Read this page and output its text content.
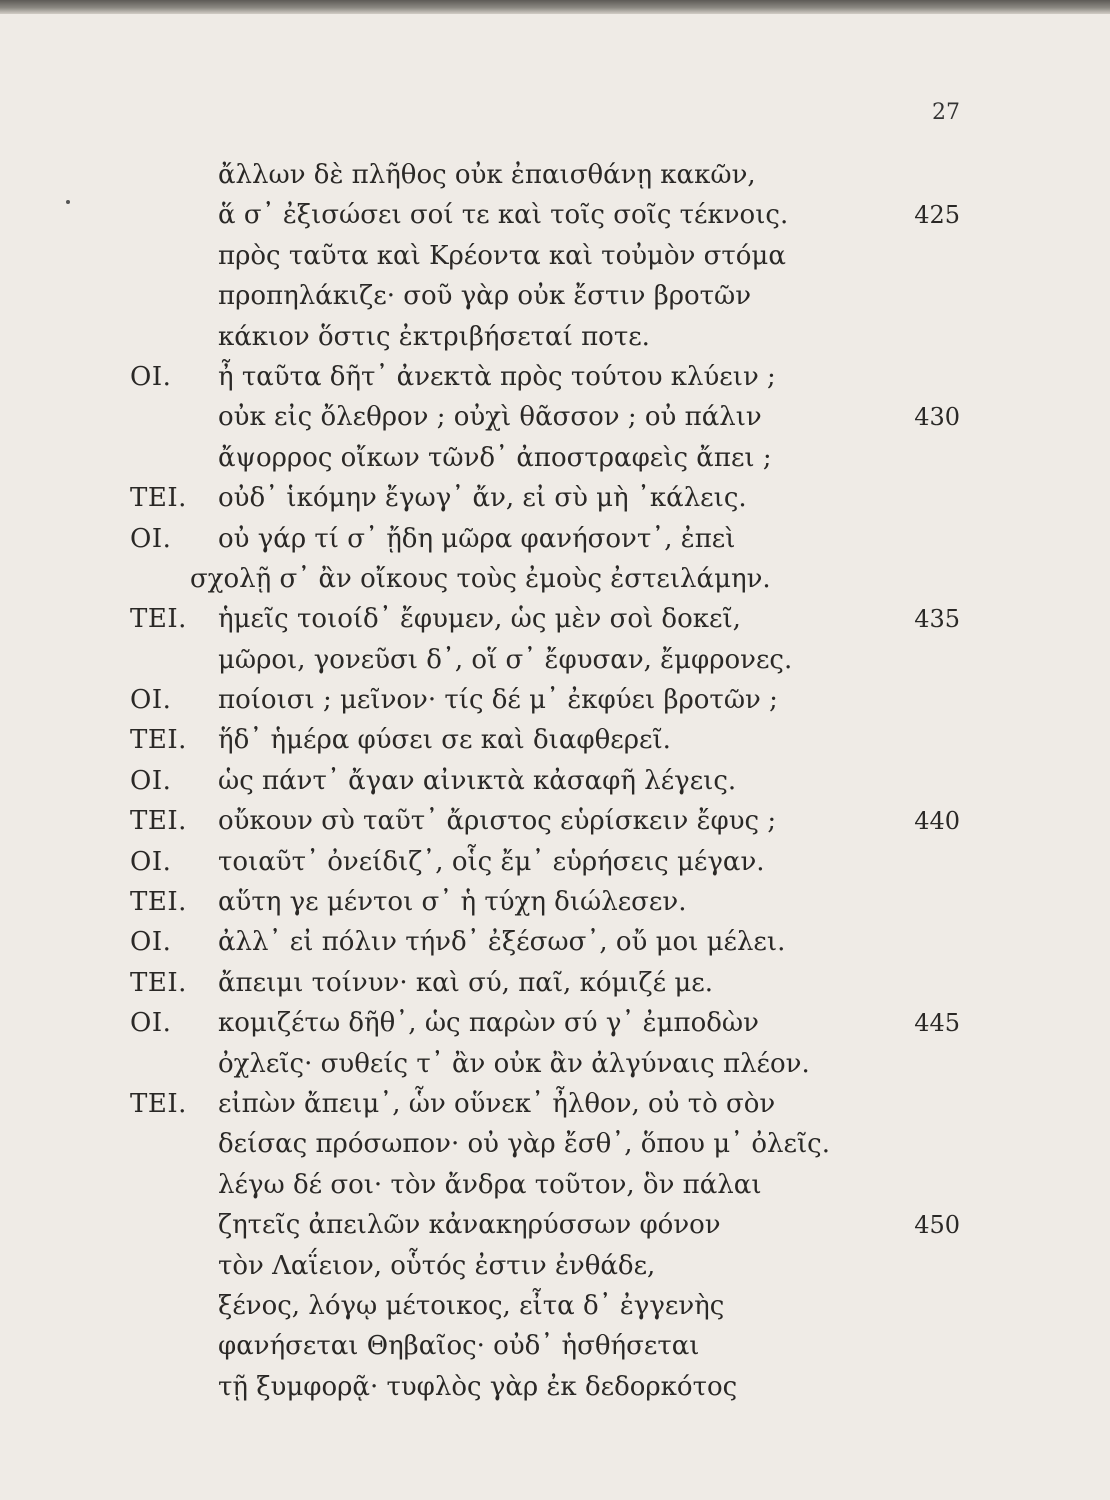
27
ἄλλων δὲ πλῆθος οὐκ ἐπαισθάνῃ κακῶν,
ἅ σ᾽ ἐξισώσει σοί τε καὶ τοῖς σοῖς τέκνοις.	425
πρὸς ταῦτα καὶ Κρέοντα καὶ τοὐμὸν στόμα
προπηλάκιζε· σοῦ γὰρ οὐκ ἔστιν βροτῶν
κάκιον ὅστις ἐκτριβήσεταί ποτε.
ΟΙ. ἦ ταῦτα δῆτ᾽ ἀνεκτὰ πρὸς τούτου κλύειν ;
οὐκ εἰς ὄλεθρον ; οὐχὶ θᾶσσον ; οὐ πάλιν	430
ἄψορρος οἴκων τῶνδ᾽ ἀποστραφεὶς ἄπει ;
ΤΕΙ. οὐδ᾽ ἱκόμην ἔγωγ᾽ ἄν, εἰ σὺ μὴ ᾽κάλεις.
ΟΙ. οὐ γάρ τί σ᾽ ᾔδη μῶρα φανήσοντ᾽, ἐπεὶ
σχολῇ σ᾽ ἂν οἴκους τοὺς ἐμοὺς ἐστειλάμην.
ΤΕΙ. ἡμεῖς τοιοίδ᾽ ἔφυμεν, ὡς μὲν σοὶ δοκεῖ,	435
μῶροι, γονεῦσι δ᾽, οἵ σ᾽ ἔφυσαν, ἔμφρονες.
ΟΙ. ποίοισι ; μεῖνον· τίς δέ μ᾽ ἐκφύει βροτῶν ;
ΤΕΙ. ἥδ᾽ ἡμέρα φύσει σε καὶ διαφθερεῖ.
ΟΙ. ὡς πάντ᾽ ἄγαν αἰνικτὰ κἀσαφῆ λέγεις.
ΤΕΙ. οὔκουν σὺ ταῦτ᾽ ἄριστος εὑρίσκειν ἔφυς ;	440
ΟΙ. τοιαῦτ᾽ ὀνείδιζ᾽, οἷς ἔμ᾽ εὑρήσεις μέγαν.
ΤΕΙ. αὕτη γε μέντοι σ᾽ ἡ τύχη διώλεσεν.
ΟΙ. ἀλλ᾽ εἰ πόλιν τήνδ᾽ ἐξέσωσ᾽, οὔ μοι μέλει.
ΤΕΙ. ἄπειμι τοίνυν· καὶ σύ, παῖ, κόμιζέ με.
ΟΙ. κομιζέτω δῆθ᾽, ὡς παρὼν σύ γ᾽ ἐμποδὼν	445
ὀχλεῖς· συθείς τ᾽ ἂν οὐκ ἂν ἀλγύναις πλέον.
ΤΕΙ. εἰπὼν ἄπειμ᾽, ὧν οὕνεκ᾽ ἦλθον, οὐ τὸ σὸν
δείσας πρόσωπον· οὐ γὰρ ἔσθ᾽, ὅπου μ᾽ ὀλεῖς.
λέγω δέ σοι· τὸν ἄνδρα τοῦτον, ὃν πάλαι
ζητεῖς ἀπειλῶν κἀνακηρύσσων φόνον	450
τὸν Λαΐειον, οὗτός ἐστιν ἐνθάδε,
ξένος, λόγῳ μέτοικος, εἶτα δ᾽ ἐγγενὴς
φανήσεται Θηβαῖος· οὐδ᾽ ἡσθήσεται
τῇ ξυμφορᾷ· τυφλὸς γὰρ ἐκ δεδορκότος
